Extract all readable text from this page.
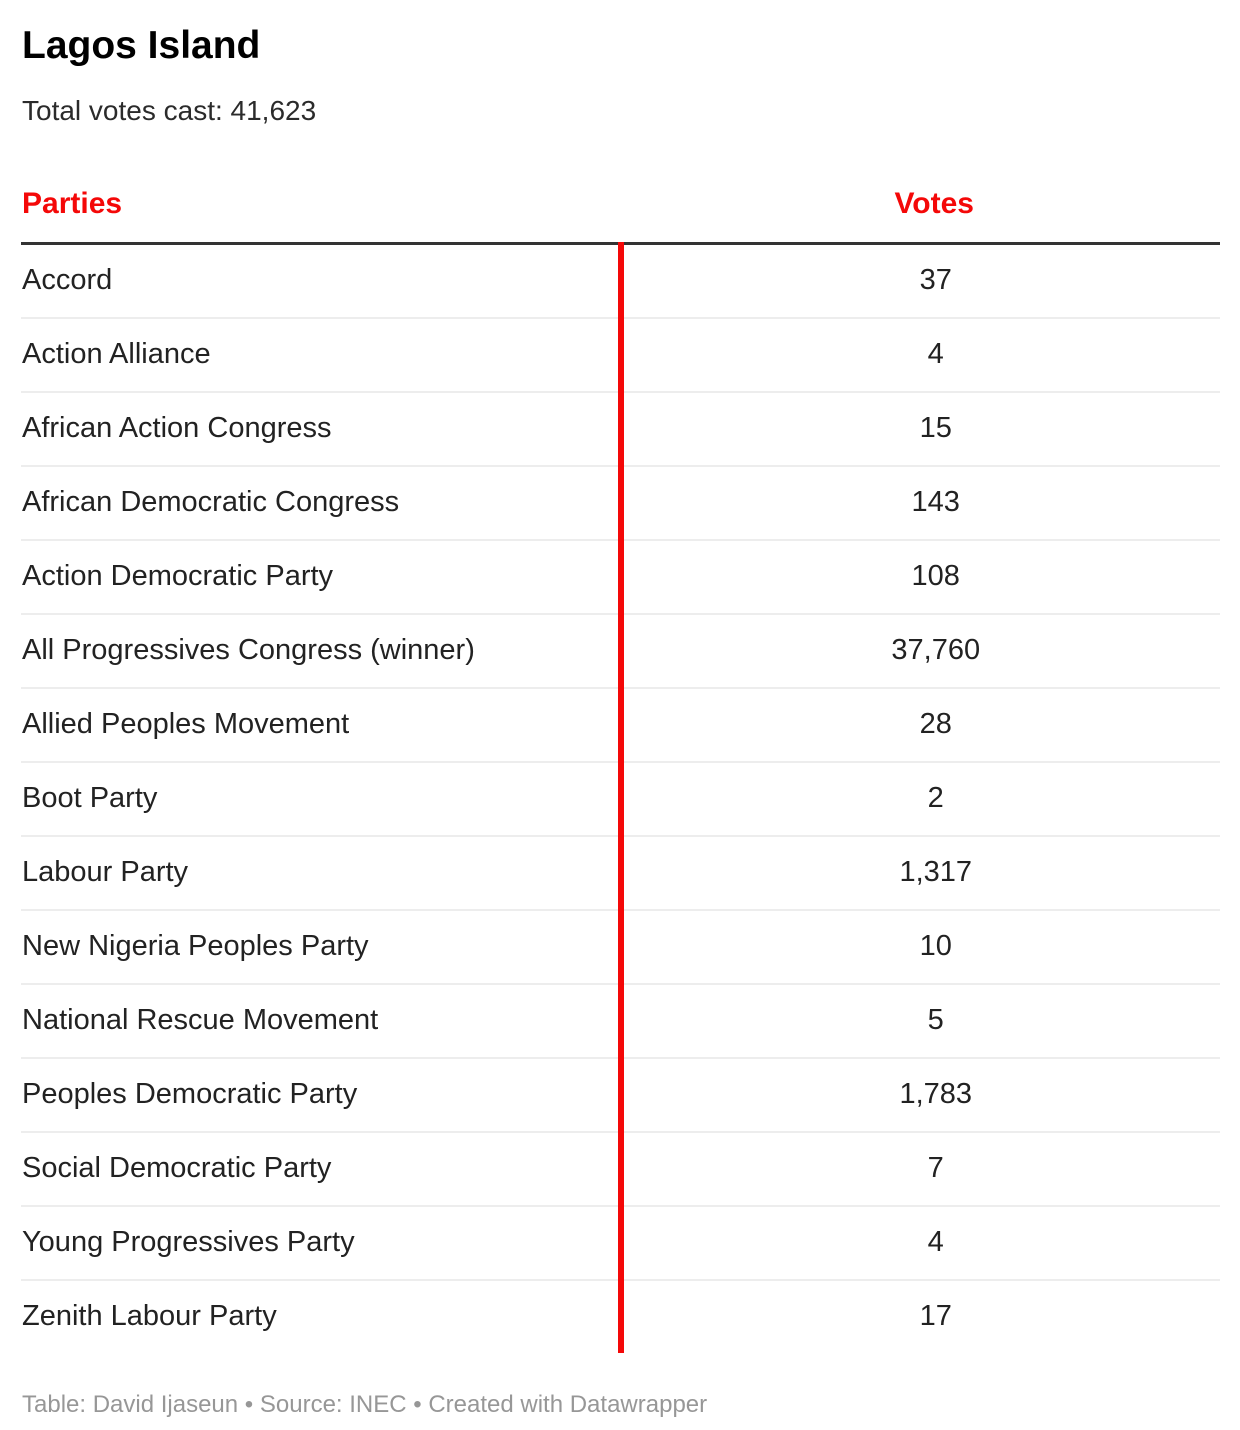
Lagos Island

Total votes cast: 41,623

Parties	Votes
Accord	37
Action Alliance	4
African Action Congress	15
African Democratic Congress	143
Action Democratic Party	108
All Progressives Congress (winner)	37,760
Allied Peoples Movement	28
Boot Party	2
Labour Party	1,317
New Nigeria Peoples Party	10
National Rescue Movement	5
Peoples Democratic Party	1,783
Social Democratic Party	7
Young Progressives Party	4
Zenith Labour Party	17

Table: David Ijaseun • Source: INEC • Created with Datawrapper
